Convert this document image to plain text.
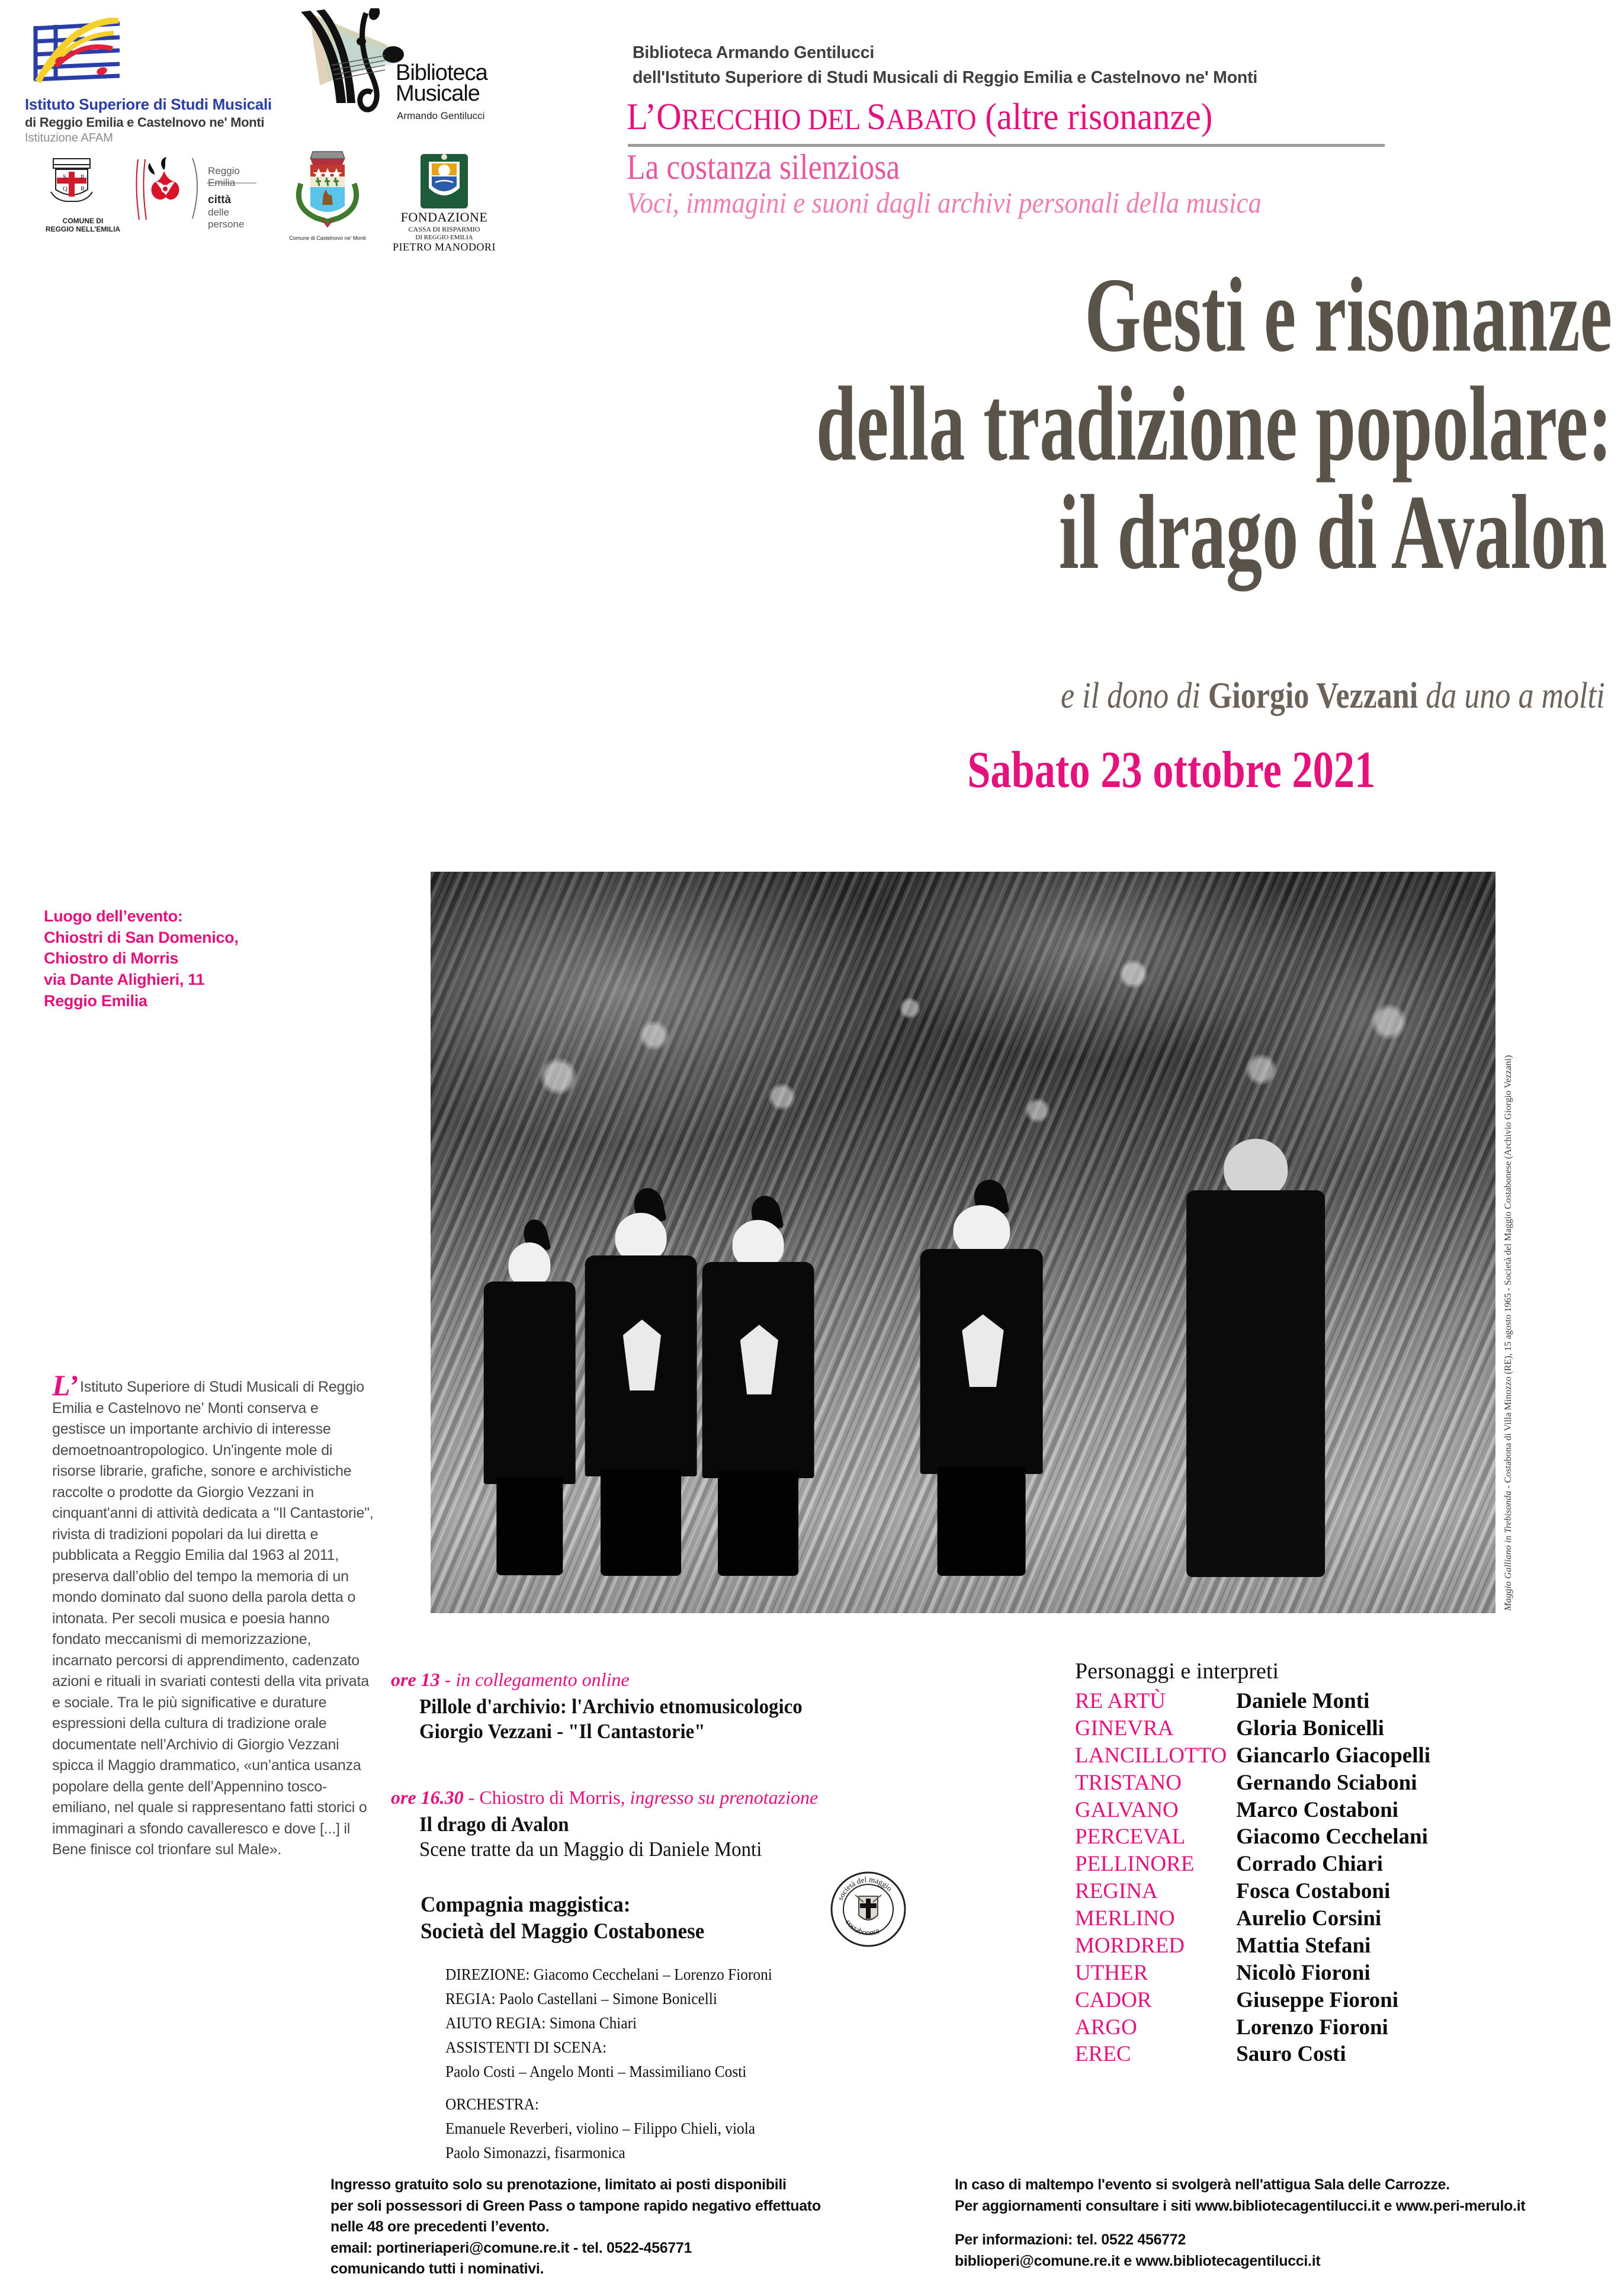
Istituto Superiore di Studi Musicali
di Reggio Emilia e Castelnovo ne' Monti
Istituzione AFAM
Biblioteca
Musicale
Armando Gentilucci
S P
Q R
COMUNE DI
REGGIO NELL'EMILIA
Reggio Emilia
città
delle persone
Comune di Castelnovo ne' Monti
FONDAZIONE
CASSA DI RISPARMIO
DI REGGIO EMILIA
PIETRO MANODORI
Biblioteca Armando Gentilucci
dell'Istituto Superiore di Studi Musicali di Reggio Emilia e Castelnovo ne' Monti
L’ORECCHIO DEL SABATO (altre risonanze)
La costanza silenziosa
Voci, immagini e suoni dagli archivi personali della musica
Gesti e risonanze
della tradizione popolare:
il drago di Avalon
e il dono di Giorgio Vezzani da uno a molti
Sabato 23 ottobre 2021
Luogo dell’evento:
Chiostri di San Domenico,
Chiostro di Morris
via Dante Alighieri, 11
Reggio Emilia
Maggio Galliano in Trebisonda - Costabona di Villa Minozzo (RE), 15 agosto 1965 - Società del Maggio Costabonese (Archivio Giorgio Vezzani)

L’ Istituto Superiore di Studi Musicali di Reggio Emilia e Castelnovo ne’ Monti conserva e gestisce un importante archivio di interesse demoetnoantropologico. Un'ingente mole di risorse librarie, grafiche, sonore e archivistiche raccolte o prodotte da Giorgio Vezzani in cinquant'anni di attività dedicata a "Il Cantastorie", rivista di tradizioni popolari da lui diretta e pubblicata a Reggio Emilia dal 1963 al 2011, preserva dall’oblio del tempo la memoria di un mondo dominato dal suono della parola detta o intonata. Per secoli musica e poesia hanno fondato meccanismi di memorizzazione, incarnato percorsi di apprendimento, cadenzato azioni e rituali in svariati contesti della vita privata e sociale. Tra le più significative e durature espressioni della cultura di tradizione orale documentate nell’Archivio di Giorgio Vezzani spicca il Maggio drammatico, «un’antica usanza popolare della gente dell’Appennino tosco-emiliano, nel quale si rappresentano fatti storici o immaginari a sfondo cavalleresco e dove [...] il Bene finisce col trionfare sul Male».

ore 13 - in collegamento online
Pillole d'archivio: l'Archivio etnomusicologico
Giorgio Vezzani - "Il Cantastorie"
ore 16.30 - Chiostro di Morris, ingresso su prenotazione
Il drago di Avalon
Scene tratte da un Maggio di Daniele Monti
Compagnia maggistica:
Società del Maggio Costabonese
società del maggio
costabonese
DIREZIONE: Giacomo Cecchelani – Lorenzo Fioroni
REGIA: Paolo Castellani – Simone Bonicelli
AIUTO REGIA: Simona Chiari
ASSISTENTI DI SCENA:
Paolo Costi – Angelo Monti – Massimiliano Costi
ORCHESTRA:
Emanuele Reverberi, violino – Filippo Chieli, viola
Paolo Simonazzi, fisarmonica
Personaggi e interpreti
RE ARTÙ	Daniele Monti
GINEVRA	Gloria Bonicelli
LANCILLOTTO	Giancarlo Giacopelli
TRISTANO	Gernando Sciaboni
GALVANO	Marco Costaboni
PERCEVAL	Giacomo Cecchelani
PELLINORE	Corrado Chiari
REGINA	Fosca Costaboni
MERLINO	Aurelio Corsini
MORDRED	Mattia Stefani
UTHER	Nicolò Fioroni
CADOR	Giuseppe Fioroni
ARGO	Lorenzo Fioroni
EREC	Sauro Costi
Ingresso gratuito solo su prenotazione, limitato ai posti disponibili
per soli possessori di Green Pass o tampone rapido negativo effettuato
nelle 48 ore precedenti l’evento.
email: portineriaperi@comune.re.it - tel. 0522-456771
comunicando tutti i nominativi.
In caso di maltempo l'evento si svolgerà nell'attigua Sala delle Carrozze.
Per aggiornamenti consultare i siti www.bibliotecagentilucci.it e www.peri-merulo.it
Per informazioni: tel. 0522 456772
biblioperi@comune.re.it e www.bibliotecagentilucci.it
